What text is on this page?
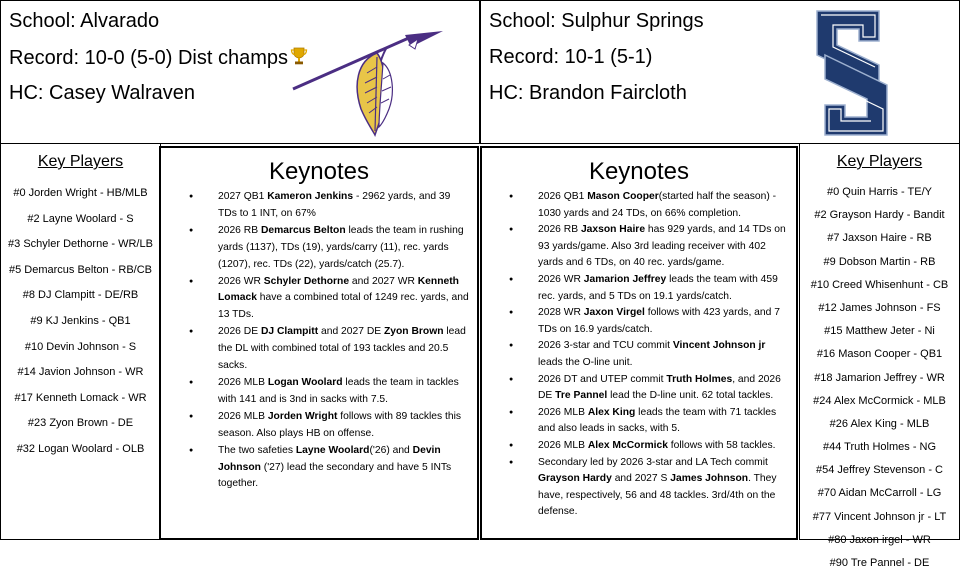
School: Alvarado
Record: 10-0 (5-0) Dist champs
HC: Casey Walraven
School: Sulphur Springs
Record: 10-1 (5-1)
HC: Brandon Faircloth
Key Players
#0 Jorden Wright - HB/MLB
#2 Layne Woolard - S
#3 Schyler Dethorne - WR/LB
#5 Demarcus Belton - RB/CB
#8 DJ Clampitt - DE/RB
#9 KJ Jenkins - QB1
#10 Devin Johnson - S
#14 Javion Johnson - WR
#17 Kenneth Lomack - WR
#23 Zyon Brown - DE
#32 Logan Woolard - OLB
Keynotes
● 2027 QB1 Kameron Jenkins - 2962 yards, and 39 TDs to 1 INT, on 67%
● 2026 RB Demarcus Belton leads the team in rushing yards (1137), TDs (19), yards/carry (11), rec. yards (1207), rec. TDs (22), yards/catch (25.7).
● 2026 WR Schyler Dethorne and 2027 WR Kenneth Lomack have a combined total of 1249 rec. yards, and 13 TDs.
● 2026 DE DJ Clampitt and 2027 DE Zyon Brown lead the DL with combined total of 193 tackles and 20.5 sacks.
● 2026 MLB Logan Woolard leads the team in tackles with 141 and is 3nd in sacks with 7.5.
● 2026 MLB Jorden Wright follows with 89 tackles this season. Also plays HB on offense.
● The two safeties Layne Woolard('26) and Devin Johnson ('27) lead the secondary and have 5 INTs together.
Keynotes
● 2026 QB1 Mason Cooper(started half the season) - 1030 yards and 24 TDs, on 66% completion.
● 2026 RB Jaxson Haire has 929 yards, and 14 TDs on 93 yards/game. Also 3rd leading receiver with 402 yards and 6 TDs, on 40 rec. yards/game.
● 2026 WR Jamarion Jeffrey leads the team with 459 rec. yards, and 5 TDs on 19.1 yards/catch.
● 2028 WR Jaxon Virgel follows with 423 yards, and 7 TDs on 16.9 yards/catch.
● 2026 3-star and TCU commit Vincent Johnson jr leads the O-line unit.
● 2026 DT and UTEP commit Truth Holmes, and 2026 DE Tre Pannel lead the D-line unit. 62 total tackles.
● 2026 MLB Alex King leads the team with 71 tackles and also leads in sacks, with 5.
● 2026 MLB Alex McCormick follows with 58 tackles.
● Secondary led by 2026 3-star and LA Tech commit Grayson Hardy and 2027 S James Johnson. They have, respectively, 56 and 48 tackles. 3rd/4th on the defense.
Key Players
#0 Quin Harris - TE/Y
#2 Grayson Hardy - Bandit
#7 Jaxson Haire - RB
#9 Dobson Martin - RB
#10 Creed Whisenhunt - CB
#12 James Johnson - FS
#15 Matthew Jeter - Ni
#16 Mason Cooper - QB1
#18 Jamarion Jeffrey - WR
#24 Alex McCormick - MLB
#26 Alex King - MLB
#44 Truth Holmes - NG
#54 Jeffrey Stevenson - C
#70 Aidan McCarroll - LG
#77 Vincent Johnson jr - LT
#80 Jaxon irgel - WR
#90 Tre Pannel - DE
